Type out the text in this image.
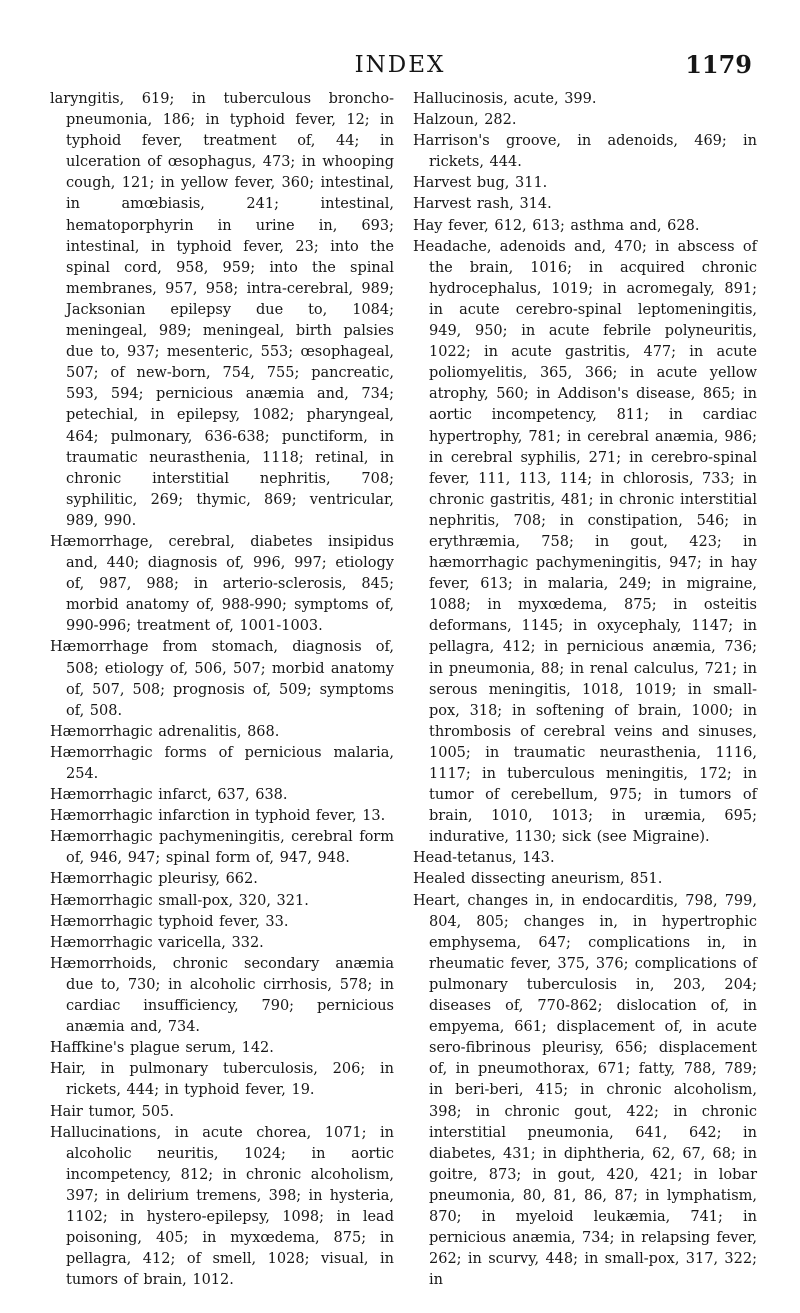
INDEX	1179

laryngitis, 619; in tuberculous broncho-pneumonia, 186; in typhoid fever, 12; in typhoid fever, treatment of, 44; in ulceration of œsophagus, 473; in whooping cough, 121; in yellow fever, 360; intestinal, in amœbiasis, 241; intestinal, hematoporphyrin in urine in, 693; intestinal, in typhoid fever, 23; into the spinal cord, 958, 959; into the spinal membranes, 957, 958; intra-cerebral, 989; Jacksonian epilepsy due to, 1084; meningeal, 989; meningeal, birth palsies due to, 937; mesenteric, 553; œsophageal, 507; of new-born, 754, 755; pancreatic, 593, 594; pernicious anæmia and, 734; petechial, in epilepsy, 1082; pharyngeal, 464; pulmonary, 636-638; punctiform, in traumatic neurasthenia, 1118; retinal, in chronic interstitial nephritis, 708; syphilitic, 269; thymic, 869; ventricular, 989, 990.

Hæmorrhage, cerebral, diabetes insipidus and, 440; diagnosis of, 996, 997; etiology of, 987, 988; in arterio-sclerosis, 845; morbid anatomy of, 988-990; symptoms of, 990-996; treatment of, 1001-1003.

Hæmorrhage from stomach, diagnosis of, 508; etiology of, 506, 507; morbid anatomy of, 507, 508; prognosis of, 509; symptoms of, 508.

Hæmorrhagic adrenalitis, 868.

Hæmorrhagic forms of pernicious malaria, 254.

Hæmorrhagic infarct, 637, 638.

Hæmorrhagic infarction in typhoid fever, 13.

Hæmorrhagic pachymeningitis, cerebral form of, 946, 947; spinal form of, 947, 948.

Hæmorrhagic pleurisy, 662.

Hæmorrhagic small-pox, 320, 321.

Hæmorrhagic typhoid fever, 33.

Hæmorrhagic varicella, 332.

Hæmorrhoids, chronic secondary anæmia due to, 730; in alcoholic cirrhosis, 578; in cardiac insufficiency, 790; pernicious anæmia and, 734.

Haffkine's plague serum, 142.

Hair, in pulmonary tuberculosis, 206; in rickets, 444; in typhoid fever, 19.

Hair tumor, 505.

Hallucinations, in acute chorea, 1071; in alcoholic neuritis, 1024; in aortic incompetency, 812; in chronic alcoholism, 397; in delirium tremens, 398; in hysteria, 1102; in hystero-epilepsy, 1098; in lead poisoning, 405; in myxœdema, 875; in pellagra, 412; of smell, 1028; visual, in tumors of brain, 1012.

Hallucinosis, acute, 399.

Halzoun, 282.

Harrison's groove, in adenoids, 469; in rickets, 444.

Harvest bug, 311.

Harvest rash, 314.

Hay fever, 612, 613; asthma and, 628.

Headache, adenoids and, 470; in abscess of the brain, 1016; in acquired chronic hydrocephalus, 1019; in acromegaly, 891; in acute cerebro-spinal leptomeningitis, 949, 950; in acute febrile polyneuritis, 1022; in acute gastritis, 477; in acute poliomyelitis, 365, 366; in acute yellow atrophy, 560; in Addison's disease, 865; in aortic incompetency, 811; in cardiac hypertrophy, 781; in cerebral anæmia, 986; in cerebral syphilis, 271; in cerebro-spinal fever, 111, 113, 114; in chlorosis, 733; in chronic gastritis, 481; in chronic interstitial nephritis, 708; in constipation, 546; in erythræmia, 758; in gout, 423; in hæmorrhagic pachymeningitis, 947; in hay fever, 613; in malaria, 249; in migraine, 1088; in myxœdema, 875; in osteitis deformans, 1145; in oxycephaly, 1147; in pellagra, 412; in pernicious anæmia, 736; in pneumonia, 88; in renal calculus, 721; in serous meningitis, 1018, 1019; in small-pox, 318; in softening of brain, 1000; in thrombosis of cerebral veins and sinuses, 1005; in traumatic neurasthenia, 1116, 1117; in tuberculous meningitis, 172; in tumor of cerebellum, 975; in tumors of brain, 1010, 1013; in uræmia, 695; indurative, 1130; sick (see Migraine).

Head-tetanus, 143.

Healed dissecting aneurism, 851.

Heart, changes in, in endocarditis, 798, 799, 804, 805; changes in, in hypertrophic emphysema, 647; complications in, in rheumatic fever, 375, 376; complications of pulmonary tuberculosis in, 203, 204; diseases of, 770-862; dislocation of, in empyema, 661; displacement of, in acute sero-fibrinous pleurisy, 656; displacement of, in pneumothorax, 671; fatty, 788, 789; in beri-beri, 415; in chronic alcoholism, 398; in chronic gout, 422; in chronic interstitial pneumonia, 641, 642; in diabetes, 431; in diphtheria, 62, 67, 68; in goitre, 873; in gout, 420, 421; in lobar pneumonia, 80, 81, 86, 87; in lymphatism, 870; in myeloid leukæmia, 741; in pernicious anæmia, 734; in relapsing fever, 262; in scurvy, 448; in small-pox, 317, 322; in
